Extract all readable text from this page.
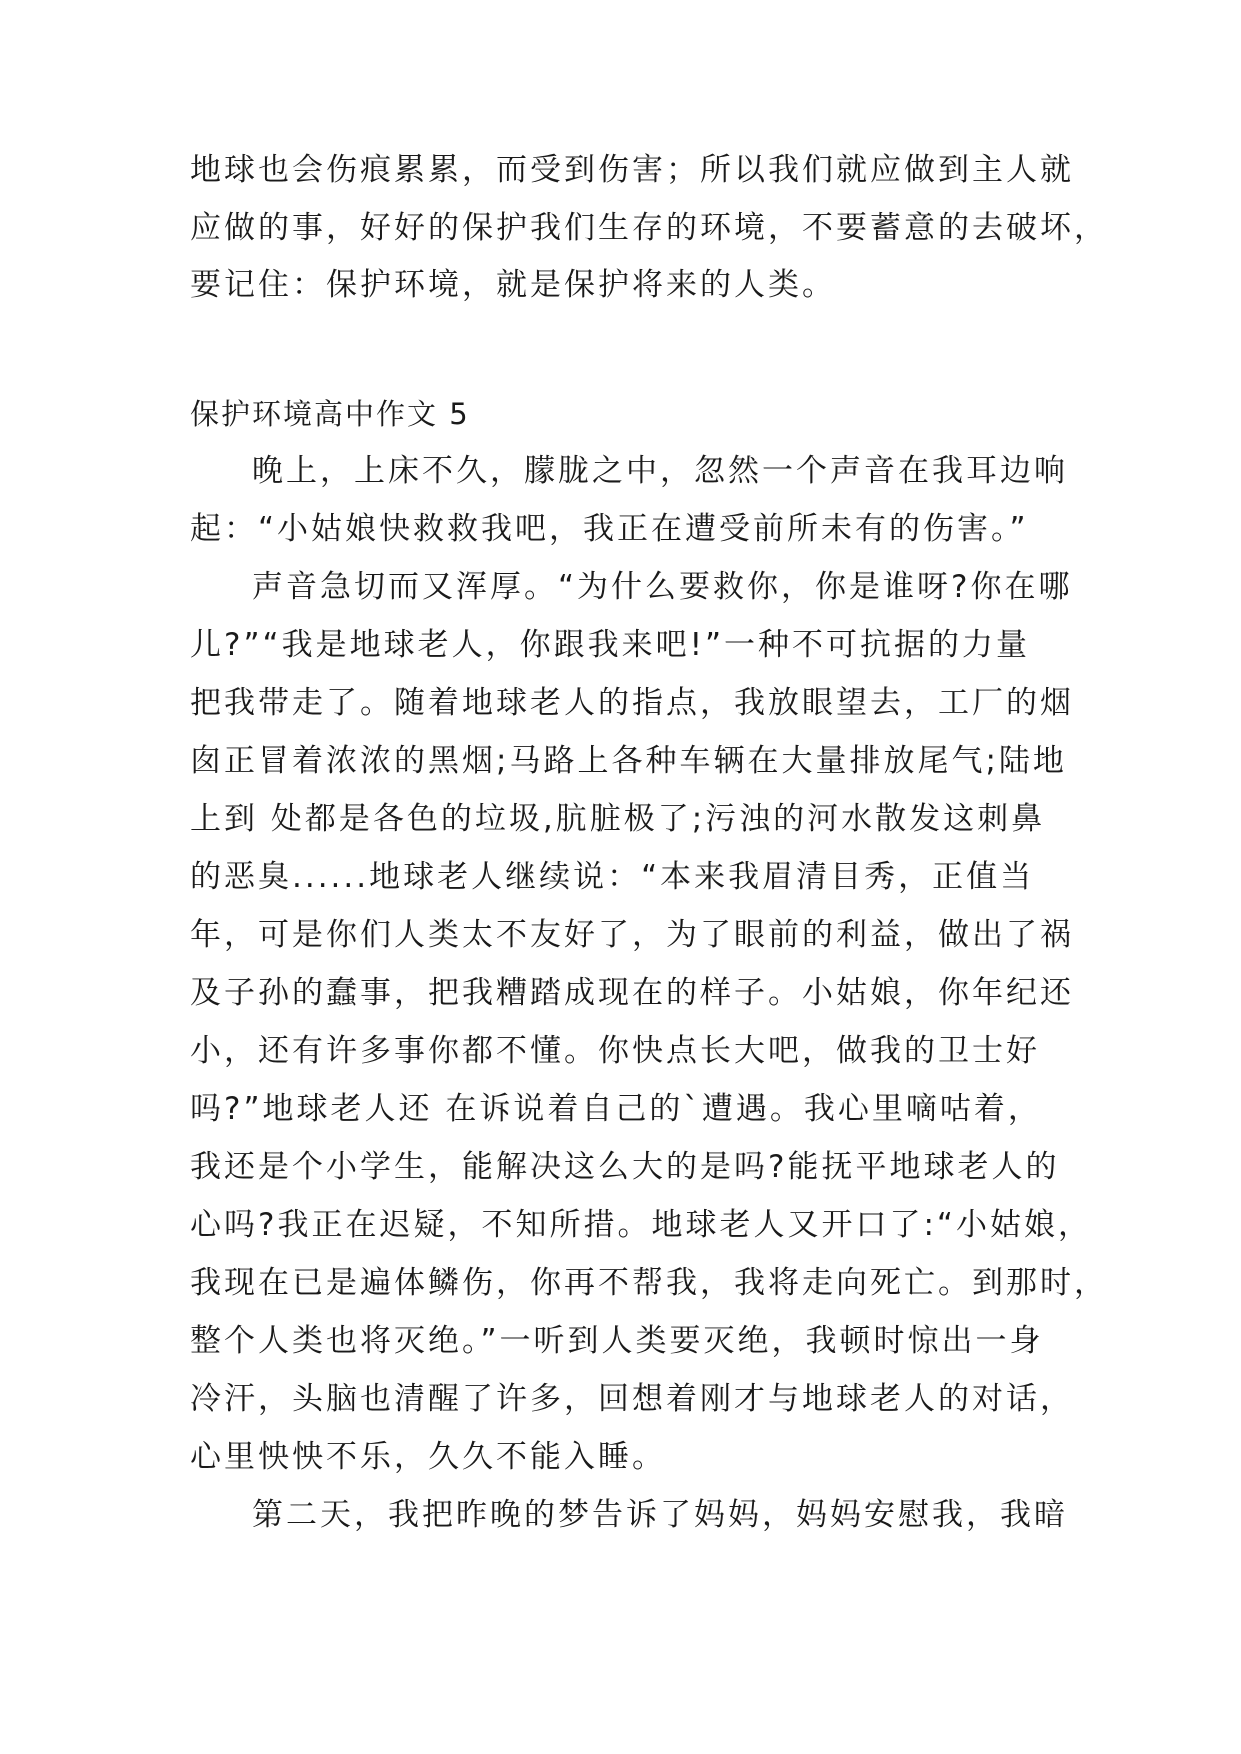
地球也会伤痕累累，而受到伤害；所以我们就应做到主人就
应做的事，好好的保护我们生存的环境，不要蓄意的去破坏，
要记住：保护环境，就是保护将来的人类。
保护环境高中作文 5
晚上，上床不久，朦胧之中，忽然一个声音在我耳边响
起：“小姑娘快救救我吧，我正在遭受前所未有的伤害。”
声音急切而又浑厚。“为什么要救你，你是谁呀?你在哪
儿?”“我是地球老人，你跟我来吧!”一种不可抗据的力量
把我带走了。随着地球老人的指点，我放眼望去，工厂的烟
囱正冒着浓浓的黑烟;马路上各种车辆在大量排放尾气;陆地
上到 处都是各色的垃圾,肮脏极了;污浊的河水散发这刺鼻
的恶臭......地球老人继续说：“本来我眉清目秀，正值当
年，可是你们人类太不友好了，为了眼前的利益，做出了祸
及子孙的蠢事，把我糟踏成现在的样子。小姑娘，你年纪还
小，还有许多事你都不懂。你快点长大吧，做我的卫士好
吗?”地球老人还 在诉说着自己的`遭遇。我心里嘀咕着，
我还是个小学生，能解决这么大的是吗?能抚平地球老人的
心吗?我正在迟疑，不知所措。地球老人又开口了:“小姑娘，
我现在已是遍体鳞伤，你再不帮我，我将走向死亡。到那时，
整个人类也将灭绝。”一听到人类要灭绝，我顿时惊出一身
冷汗，头脑也清醒了许多，回想着刚才与地球老人的对话，
心里怏怏不乐，久久不能入睡。
第二天，我把昨晚的梦告诉了妈妈，妈妈安慰我，我暗
